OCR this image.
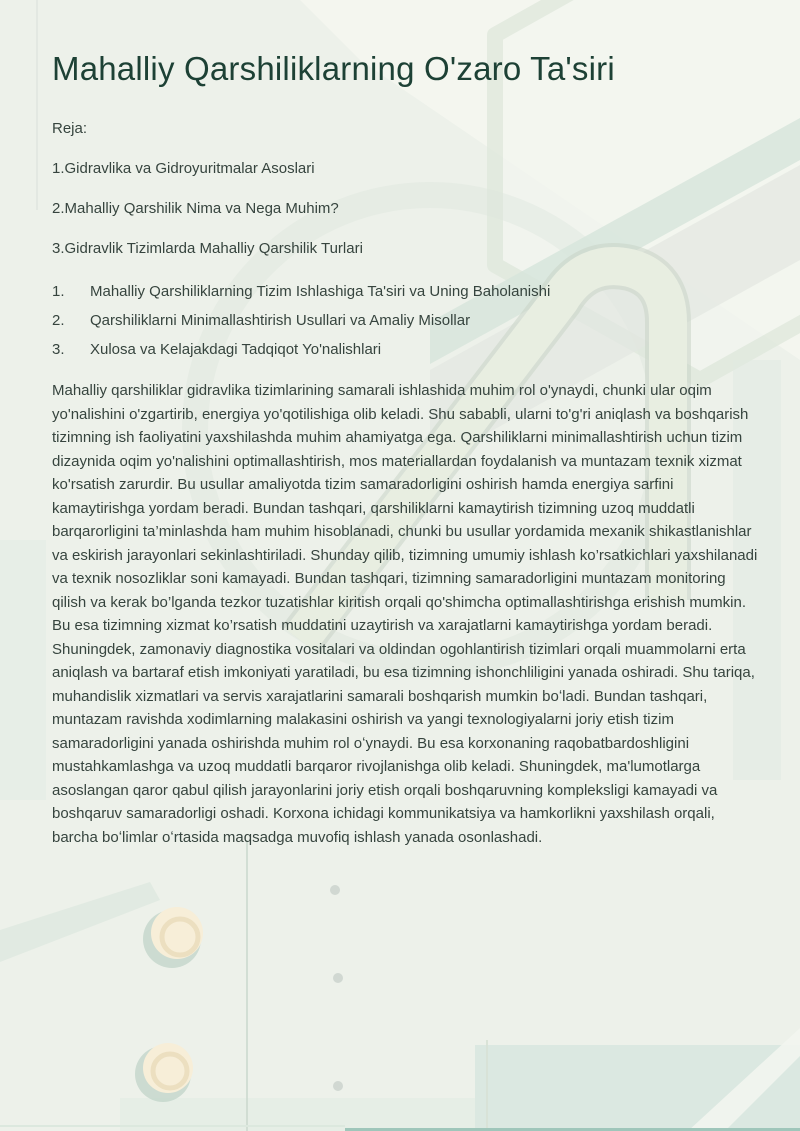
Mahalliy Qarshiliklarning O'zaro Ta'siri

Reja:

1.Gidravlika va Gidroyuritmalar Asoslari

2.Mahalliy Qarshilik Nima va Nega Muhim?

3.Gidravlik Tizimlarda Mahalliy Qarshilik Turlari

1.	Mahalliy Qarshiliklarning Tizim Ishlashiga Ta'siri va Uning Baholanishi
2.	Qarshiliklarni Minimallashtirish Usullari va Amaliy Misollar
3.	Xulosa va Kelajakdagi Tadqiqot Yo'nalishlari

Mahalliy qarshiliklar gidravlika tizimlarining samarali ishlashida muhim rol o'ynaydi, chunki ular oqim yo'nalishini o'zgartirib, energiya yo'qotilishiga olib keladi. Shu sababli, ularni to'g'ri aniqlash va boshqarish tizimning ish faoliyatini yaxshilashda muhim ahamiyatga ega. Qarshiliklarni minimallashtirish uchun tizim dizaynida oqim yo'nalishini optimallashtirish, mos materiallardan foydalanish va muntazam texnik xizmat ko'rsatish zarurdir. Bu usullar amaliyotda tizim samaradorligini oshirish hamda energiya sarfini kamaytirishga yordam beradi. Bundan tashqari, qarshiliklarni kamaytirish tizimning uzoq muddatli barqarorligini ta’minlashda ham muhim hisoblanadi, chunki bu usullar yordamida mexanik shikastlanishlar va eskirish jarayonlari sekinlashtiriladi. Shunday qilib, tizimning umumiy ishlash ko’rsatkichlari yaxshilanadi va texnik nosozliklar soni kamayadi. Bundan tashqari, tizimning samaradorligini muntazam monitoring qilish va kerak bo’lganda tezkor tuzatishlar kiritish orqali qo'shimcha optimallashtirishga erishish mumkin. Bu esa tizimning xizmat ko’rsatish muddatini uzaytirish va xarajatlarni kamaytirishga yordam beradi. Shuningdek, zamonaviy diagnostika vositalari va oldindan ogohlantirish tizimlari orqali muammolarni erta aniqlash va bartaraf etish imkoniyati yaratiladi, bu esa tizimning ishonchliligini yanada oshiradi. Shu tariqa, muhandislik xizmatlari va servis xarajatlarini samarali boshqarish mumkin boʻladi. Bundan tashqari, muntazam ravishda xodimlarning malakasini oshirish va yangi texnologiyalarni joriy etish tizim samaradorligini yanada oshirishda muhim rol oʻynaydi. Bu esa korxonaning raqobatbardoshligini mustahkamlashga va uzoq muddatli barqaror rivojlanishga olib keladi. Shuningdek, ma'lumotlarga asoslangan qaror qabul qilish jarayonlarini joriy etish orqali boshqaruvning kompleksligi kamayadi va boshqaruv samaradorligi oshadi. Korxona ichidagi kommunikatsiya va hamkorlikni yaxshilash orqali, barcha boʻlimlar oʻrtasida maqsadga muvofiq ishlash yanada osonlashadi.
